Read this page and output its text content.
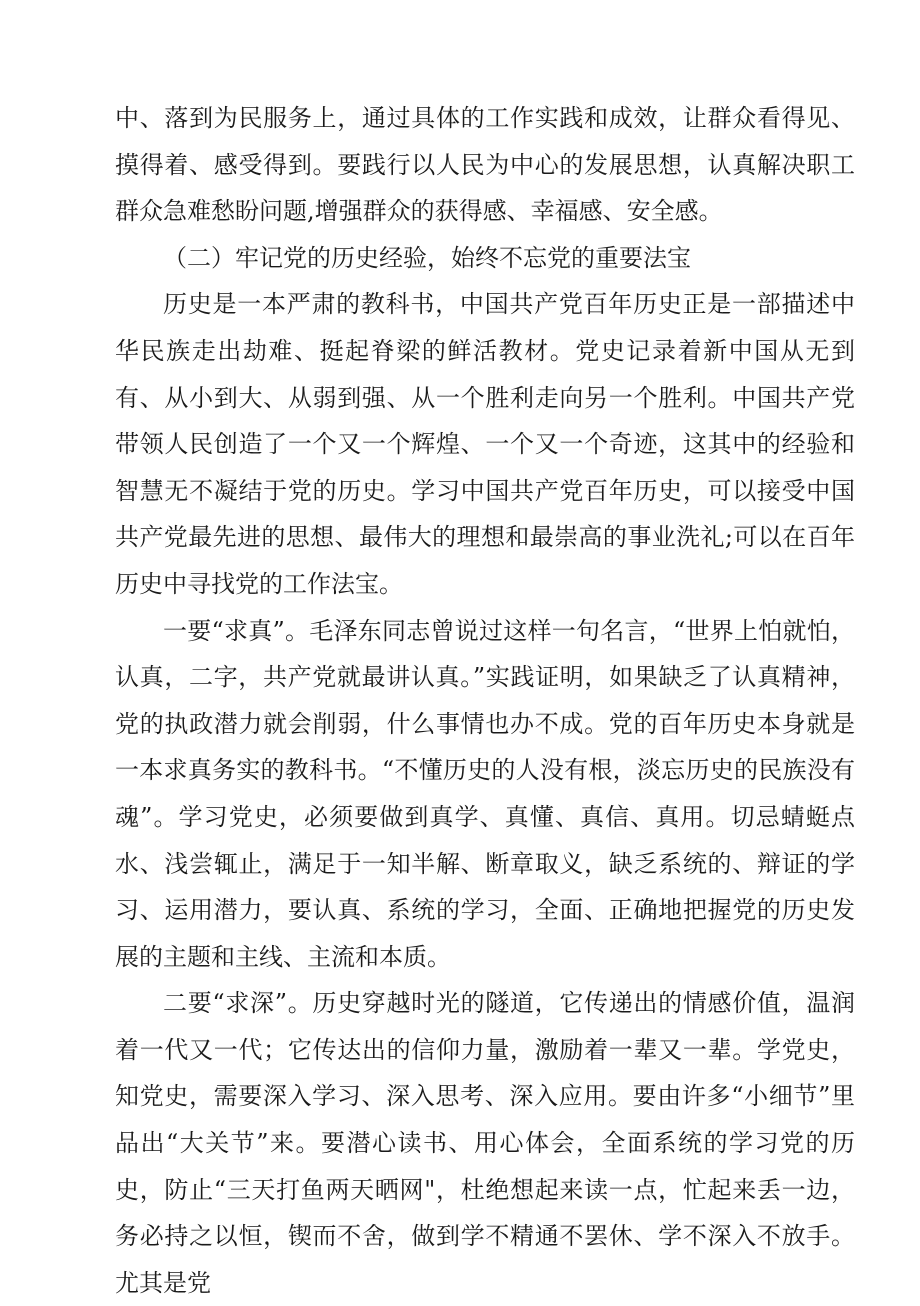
中、落到为民服务上，通过具体的工作实践和成效，让群众看得见、摸得着、感受得到。要践行以人民为中心的发展思想，认真解决职工群众急难愁盼问题,增强群众的获得感、幸福感、安全感。

（二）牢记党的历史经验，始终不忘党的重要法宝

历史是一本严肃的教科书，中国共产党百年历史正是一部描述中华民族走出劫难、挺起脊梁的鲜活教材。党史记录着新中国从无到有、从小到大、从弱到强、从一个胜利走向另一个胜利。中国共产党带领人民创造了一个又一个辉煌、一个又一个奇迹，这其中的经验和智慧无不凝结于党的历史。学习中国共产党百年历史，可以接受中国共产党最先进的思想、最伟大的理想和最崇高的事业洗礼;可以在百年历史中寻找党的工作法宝。

一要“求真”。毛泽东同志曾说过这样一句名言，“世界上怕就怕，认真，二字，共产党就最讲认真。”实践证明，如果缺乏了认真精神，党的执政潜力就会削弱，什么事情也办不成。党的百年历史本身就是一本求真务实的教科书。“不懂历史的人没有根，淡忘历史的民族没有魂”。学习党史，必须要做到真学、真懂、真信、真用。切忌蜻蜓点水、浅尝辄止，满足于一知半解、断章取义，缺乏系统的、辩证的学习、运用潜力，要认真、系统的学习，全面、正确地把握党的历史发展的主题和主线、主流和本质。

二要“求深”。历史穿越时光的隧道，它传递出的情感价值，温润着一代又一代；它传达出的信仰力量，激励着一辈又一辈。学党史，知党史，需要深入学习、深入思考、深入应用。要由许多“小细节”里品出“大关节”来。要潜心读书、用心体会，全面系统的学习党的历史，防止“三天打鱼两天晒网"，杜绝想起来读一点，忙起来丢一边，务必持之以恒，锲而不舍，做到学不精通不罢休、学不深入不放手。尤其是党
